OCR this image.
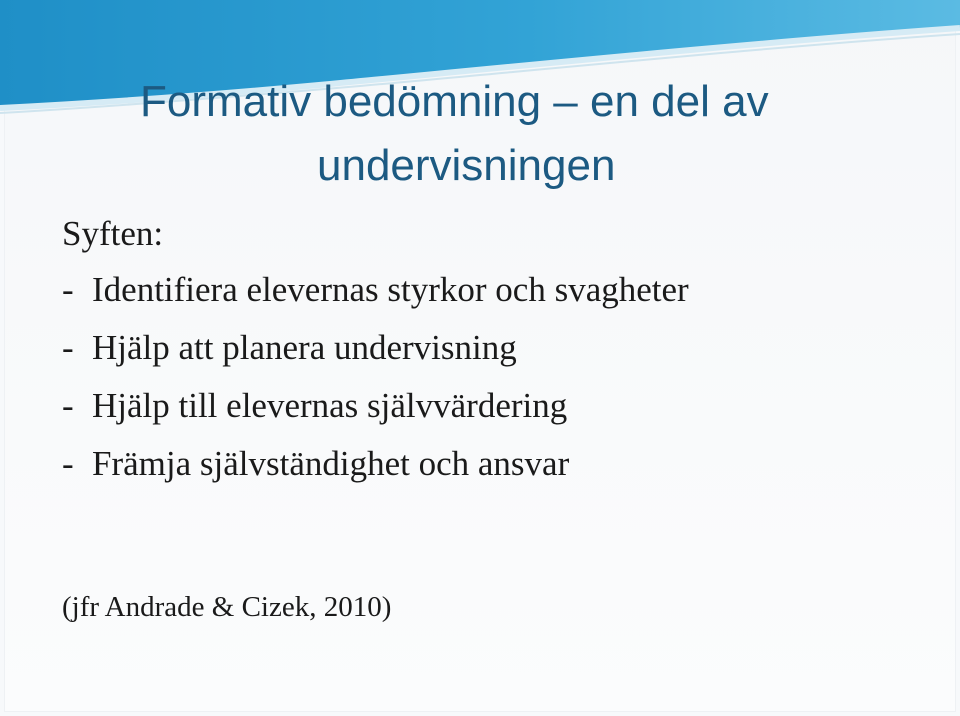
Formativ bedömning – en del av
undervisningen
Syften:
- Identifiera elevernas styrkor och svagheter
- Hjälp att planera undervisning
- Hjälp till elevernas självvärdering
- Främja självständighet och ansvar
(jfr Andrade & Cizek, 2010)
